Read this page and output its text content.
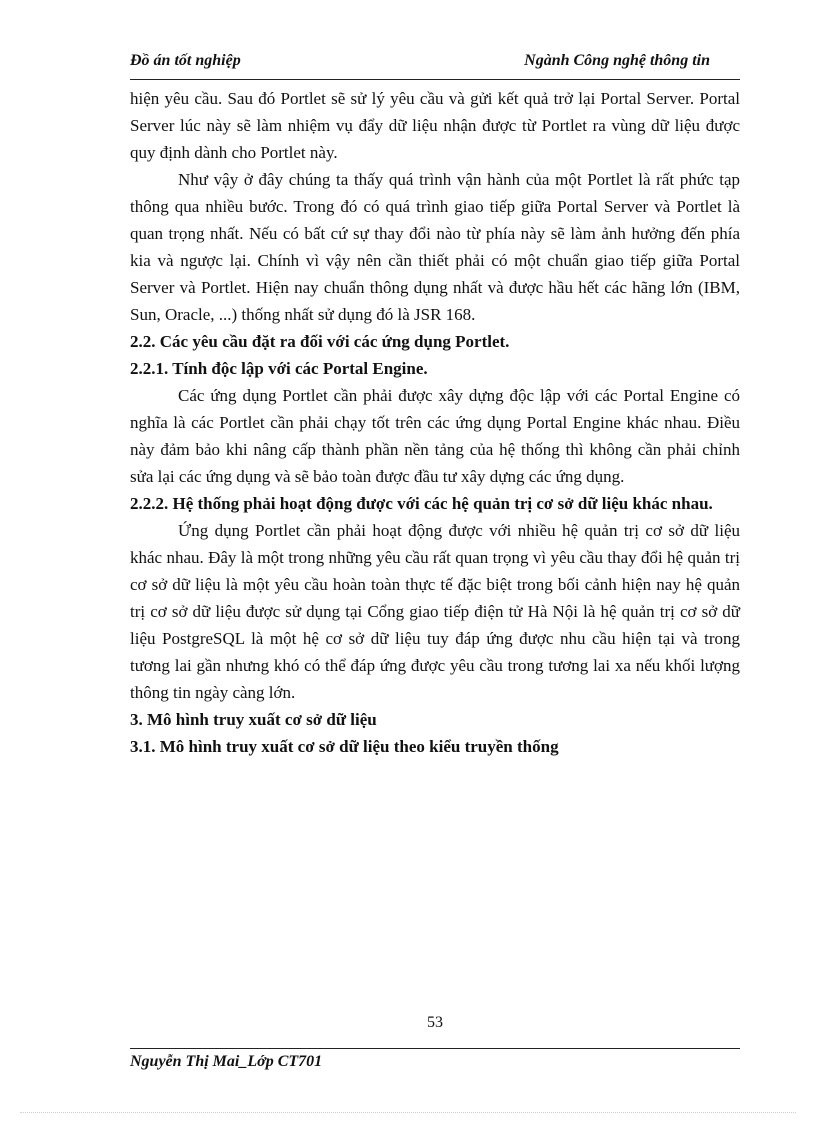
Đồ án tốt nghiệp	Ngành Công nghệ thông tin

hiện yêu cầu. Sau đó Portlet sẽ sử lý yêu cầu và gửi kết quả trở lại Portal Server. Portal Server lúc này sẽ làm nhiệm vụ đẩy dữ liệu nhận được từ Portlet ra vùng dữ liệu được quy định dành cho Portlet này.

Như vậy ở đây chúng ta thấy quá trình vận hành của một Portlet là rất phức tạp thông qua nhiều bước. Trong đó có quá trình giao tiếp giữa Portal Server và Portlet là quan trọng nhất. Nếu có bất cứ sự thay đổi nào từ phía này sẽ làm ảnh hưởng đến phía kia và ngược lại. Chính vì vậy nên cần thiết phải có một chuẩn giao tiếp giữa Portal Server và Portlet. Hiện nay chuẩn thông dụng nhất và được hầu hết các hãng lớn (IBM, Sun, Oracle, ...) thống nhất sử dụng đó là JSR 168.

2.2. Các yêu cầu đặt ra đối với các ứng dụng Portlet.
2.2.1. Tính độc lập với các Portal Engine.

Các ứng dụng Portlet cần phải được xây dựng độc lập với các Portal Engine có nghĩa là các Portlet cần phải chạy tốt trên các ứng dụng Portal Engine khác nhau. Điều này đảm bảo khi nâng cấp thành phần nền tảng của hệ thống thì không cần phải chỉnh sửa lại các ứng dụng và sẽ bảo toàn được đầu tư xây dựng các ứng dụng.

2.2.2. Hệ thống phải hoạt động được với các hệ quản trị cơ sở dữ liệu khác nhau.

Ứng dụng Portlet cần phải hoạt động được với nhiều hệ quản trị cơ sở dữ liệu khác nhau. Đây là một trong những yêu cầu rất quan trọng vì yêu cầu thay đổi hệ quản trị cơ sở dữ liệu là một yêu cầu hoàn toàn thực tế đặc biệt trong bối cảnh hiện nay hệ quản trị cơ sở dữ liệu được sử dụng tại Cổng giao tiếp điện tử Hà Nội là hệ quản trị cơ sở dữ liệu PostgreSQL là một hệ cơ sở dữ liệu tuy đáp ứng được nhu cầu hiện tại và trong tương lai gần nhưng khó có thể đáp ứng được yêu cầu trong tương lai xa nếu khối lượng thông tin ngày càng lớn.

3. Mô hình truy xuất cơ sở dữ liệu
3.1. Mô hình truy xuất cơ sở dữ liệu theo kiểu truyền thống
53
Nguyễn Thị Mai_Lớp CT701
